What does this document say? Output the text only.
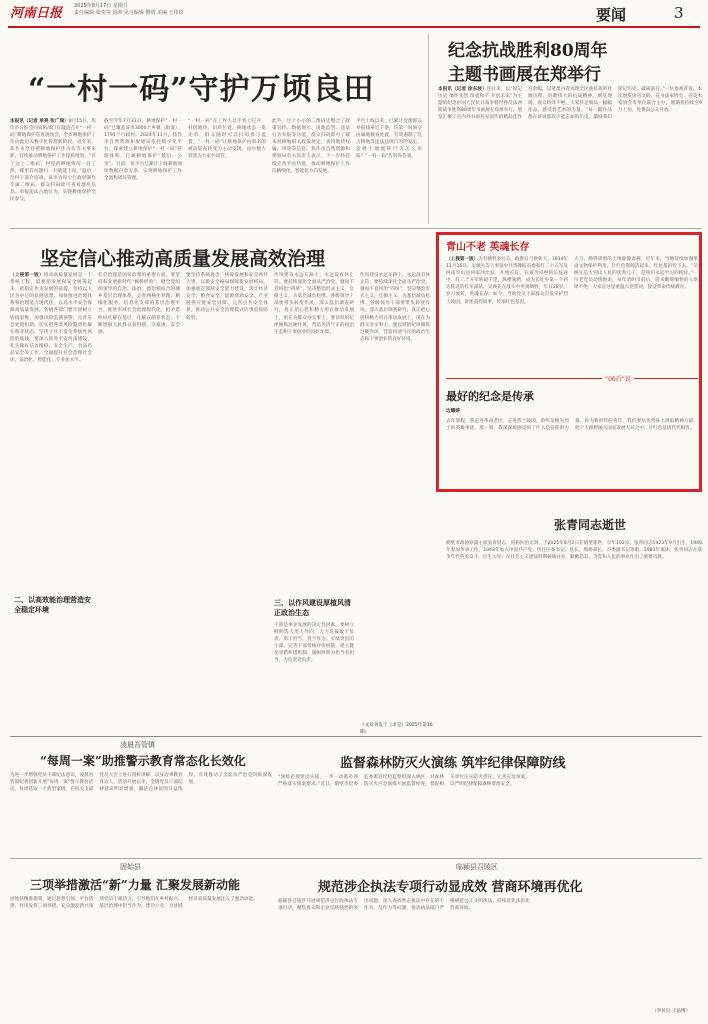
河南日报 2025年8月17日 星期日
责任编辑 梁莹莹 刘鸿 见习编辑 樊靖 美编 王伟宾	要闻	3
“一村一码”守护万顷良田
本报讯（记者 单亮 张广瑞）8月15日，焦作市日报会同农机部门在温县召开“一村一码”耕地保护巡查现场会，全市耕地保护工作由此迈入数字化管理新阶段。近年来，焦作市坚持把耕地保护作为头等大事来抓，持续推动耕地保护工作提质增效。“有了这个二维码，村里的耕地情况一目了然，哪里有问题扫一扫就能上报。”温县一位村干部介绍说。该市为每个行政村制作专属二维码，群众扫码即可查看地块信息、举报违法占地行为，实现耕地保护全民参与。
截至今年7月31日，耕地保护“一村一码”已覆盖该市3000个乡镇（街道），1791个行政村。2024年11月，焦作市自然资源和规划局依托数字化平台，探索建立耕地保护“一村一码”管理体系，打通耕地保护“最后一公里”。目前，该平台已累计上线耕地图斑数据百余万条，实现耕地保护工作全流程闭环管理。
“一村一码”在工作人员手机上打开，村组地块、田块位置、耕地状态一览无余，群众随时可以扫码参与监督。“一村一码”让耕地保护由原来的被动巡查转变为主动发现，由少数人管变为大家共同管。
此外，这个小小的二维码还整合了政策宣传、数据展示、用地监管、违法行为举报等功能，群众扫码即可了解本村耕地相关政策规定，查询地块权属、用途等信息。焦作市自然资源和规划局有关负责人表示，下一步将持续完善平台功能，推动耕地保护工作向精细化、智能化方向发展。
平台上线以来，已累计受理群众举报线索近千条，均第一时间交由属地核查处置，有效遏制了乱占耕地等违法违规行为的发生。发展土地流转行为怎么举报？“一村一码”告诉你答案。
纪念抗战胜利80周年
主题书画展在郑举行
本报讯（记者 徐东坡）连日来，以“铭记历史 缅怀先烈 珍爱和平 开创未来”为主题的纪念中国人民抗日战争暨世界反法西斯战争胜利80周年书画展在郑州举行。展览汇聚了省内外书画名家创作的精品佳作百余幅，以笔墨丹青再现全民族抗战的壮阔历程，讴歌伟大的抗战精神。展览现场，观众络绎不绝，大家驻足细品一幅幅作品，感受着艺术的力量。“每一幅作品都在诉说那段不能忘却的历史，激励我们铭记历史、砥砺前行。”一位参观者说。本次展览由省文联、省书法家协会、省美术家协会等单位联合主办，展期将持续至9月上旬，免费向公众开放。
坚定信心推动高质量发展高效治理
（上接第一版）推动高质量发展是一个系统工程，需要把发展和安全统筹起来，把稳定作为发展的前提，坚持以人民为中心的发展思想，加快推进治理体系和治理能力现代化，以高水平安全保障高质量发展。各级各部门要牢固树立底线思维，加强风险监测预警，完善应急处置机制，切实把各类风险隐患化解在萌芽状态，坚决守住不发生系统性风险的底线。要深入推进平安河南建设，扎实做好信访维稳、安全生产、食品药品安全等工作，全面提升社会治理社会化、法治化、智能化、专业化水平。
二、以高效能治理营造安全稳定环境
社会治理是国家治理的重要方面。要坚持和发展新时代“枫桥经验”，健全党组织领导的自治、法治、德治相结合的城乡基层治理体系，完善网格化管理、精细化服务、信息化支撑的基层治理平台。推进市域社会治理现代化，把矛盾纠纷化解在基层、化解在萌芽状态，不断增强人民群众获得感、幸福感、安全感。
要坚持系统观念，统筹发展和安全两件大事，以新安全格局保障新发展格局。加强重点领域安全能力建设，筑牢经济安全、粮食安全、能源资源安全、产业链供应链安全屏障。完善公共安全体系，推动公共安全治理模式向事前预防转型。
作风建设永远在路上，永远没有休止符。要持续深化全面从严治党，驰而不息纠治“四风”，坚决整治形式主义、官僚主义，为基层减负松绑。各级领导干部要带头转变作风，深入基层调查研究，真正把心思和精力用在推动发展上，用在为群众办实事上。要以铁的纪律锤炼过硬作风，营造风清气正的政治生态和干事创业的良好环境。
三、以作风建设厚植风清正政治生态
干部是事业发展的决定性因素。要树立鲜明选人用人导向，大力选拔敢于负责、勇于担当、善于作为、实绩突出的干部。完善干部考核评价机制，建立健全容错纠错机制，旗帜鲜明为担当者担当、为负责者负责。
作风建设永远在路上，永远没有休止符。要持续深化全面从严治党，驰而不息纠治“四风”，坚决整治形式主义、官僚主义，为基层减负松绑。各级领导干部要带头转变作风，深入基层调查研究，真正把心思和精力用在推动发展上，用在为群众办实事上。要以铁的纪律锤炼过硬作风，营造风清气正的政治生态和干事创业的良好环境。
（文章刊发于《求是》2025年第16期）
青山不老 英魂长存
（上接第一版）为有牺牲多壮志，敢教日月换新天。1934年11月16日，吴焕先等人率领中共鄂豫皖省委和红二十五军从河南罗山县何家冲出发，开始长征。在艰苦卓绝的长征途中，红二十五军转战千里，纵横驰骋，成为长征中第一个到达陕北的红军部队。吴焕先在战斗中英勇牺牲，年仅28岁。岁月流转，英魂长存。如今，当地党员干部群众自发守护烈士陵园，讲述英烈故事，传承红色基因。
大刀，腾得周围的土地静静肃穆。近年来，当地持续加强革命文物保护利用，让红色资源活起来、红色基因传下去。“吴焕先是大别山人民的优秀儿子，是我们永远学习的榜样。”一位老党员动情地说，每年清明节前后，前来瞻仰缅怀的人络绎不绝，大家在这里重温入党誓词，接受革命传统教育。
“00后”说
最好的纪念是传承
边耀婷
去年暑假，我走进革命老区，走进烈士陵园，聆听吴焕先烈士的英雄事迹。那一刻，我深深地感受到了什么是信仰的力量。作为新时代的青年，我们要从英烈身上汲取精神力量，把个人理想融入国家发展大局之中，让红色基因代代相传。
张青同志逝世
鹤壁市政协原副主席张青同志，因病医治无效，于2025年8月2日在鹤壁逝世，享年102岁。张青同志1923年9月出生，1940年参加革命工作，1943年加入中国共产党。历任区委书记、县长、地委部长、市委副书记等职。1983年离休。张青同志在战争年代英勇奋斗，出生入死；在社会主义建设时期兢兢业业，勤勤恳恳，为党和人民的事业作出了重要贡献。
凌晨吾管镇
“每周一案”助推警示教育常态化长效化
为进一步增强党员干部纪法意识，凌晨吾管镇纪委创新开展“每周一案”警示教育活动，每周选取一个典型案例，在机关支部党员大会上进行剖析讲解，以身边事教育身边人。活动开展以来，全镇党员干部纪律意识明显增强，廉洁自律氛围日益浓厚，有效推动了全面从严治党向纵深发展。
监督森林防灭火演练 筑牢纪律保障防线
“演练必须突出实战，一步一动都必须严格落实预案要求。”近日，鹤壁市纪委监委派驻纪检监察组深入林区，对森林防灭火应急演练开展监督检查，督促相关单位压实防火责任，完善应急预案，以严明纪律保障森林资源安全。
固始县
三项举措激活“新”力量 汇聚发展新动能
固始县精准施策，通过思想引领、平台搭建、作用发挥三项举措，充分激发新兴领域党员干部活力，引导他们在乡村振兴、基层治理中担当作为、建功立业，为县域经济高质量发展注入了强劲动能。
临颍县召陵区
规范涉企执法专项行动显成效 营商环境再优化
临颍县召陵区开展规范涉企行政执法专项行动，聚焦群众和企业反映强烈的突出问题，深入查找涉企执法中存在的不作为、乱作为等问题，推动执法部门严格规范公正文明执法，持续优化法治化营商环境。
（李贝贝 王站博）
